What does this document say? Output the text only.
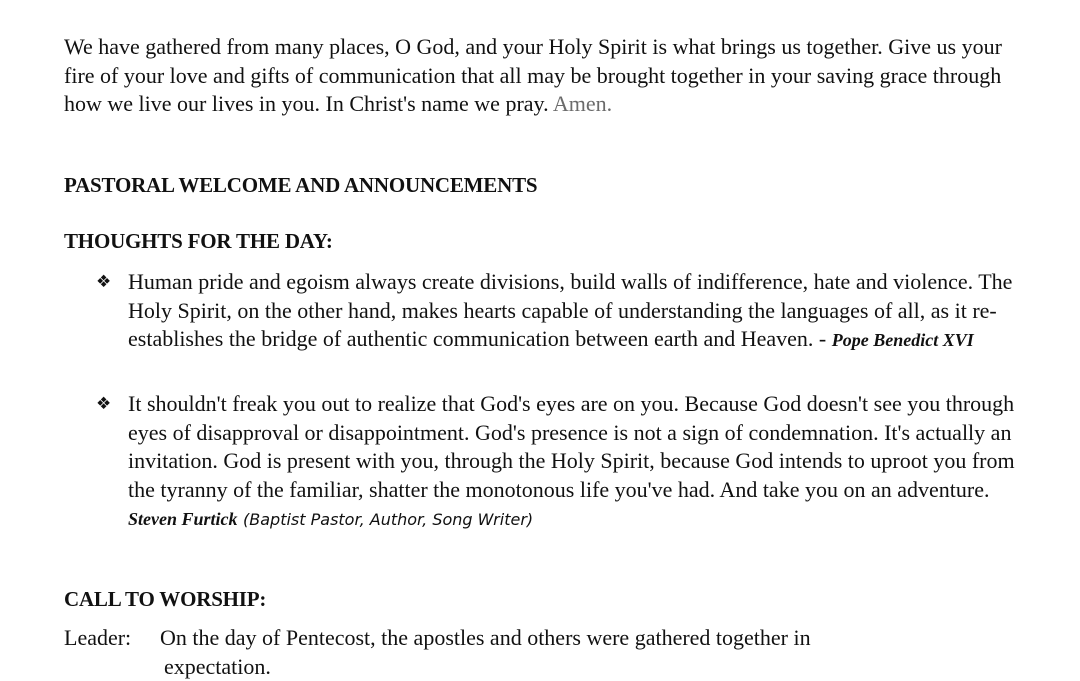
We have gathered from many places, O God, and your Holy Spirit is what brings us together. Give us your fire of your love and gifts of communication that all may be brought together in your saving grace through how we live our lives in you. In Christ's name we pray. Amen.
PASTORAL WELCOME AND ANNOUNCEMENTS
THOUGHTS FOR THE DAY:
❖ Human pride and egoism always create divisions, build walls of indifference, hate and violence. The Holy Spirit, on the other hand, makes hearts capable of understanding the languages of all, as it re-establishes the bridge of authentic communication between earth and Heaven. - Pope Benedict XVI
❖ It shouldn't freak you out to realize that God's eyes are on you. Because God doesn't see you through eyes of disapproval or disappointment. God's presence is not a sign of condemnation. It's actually an invitation. God is present with you, through the Holy Spirit, because God intends to uproot you from the tyranny of the familiar, shatter the monotonous life you've had. And take you on an adventure. Steven Furtick (Baptist Pastor, Author, Song Writer)
CALL TO WORSHIP:
Leader: On the day of Pentecost, the apostles and others were gathered together in
expectation.
